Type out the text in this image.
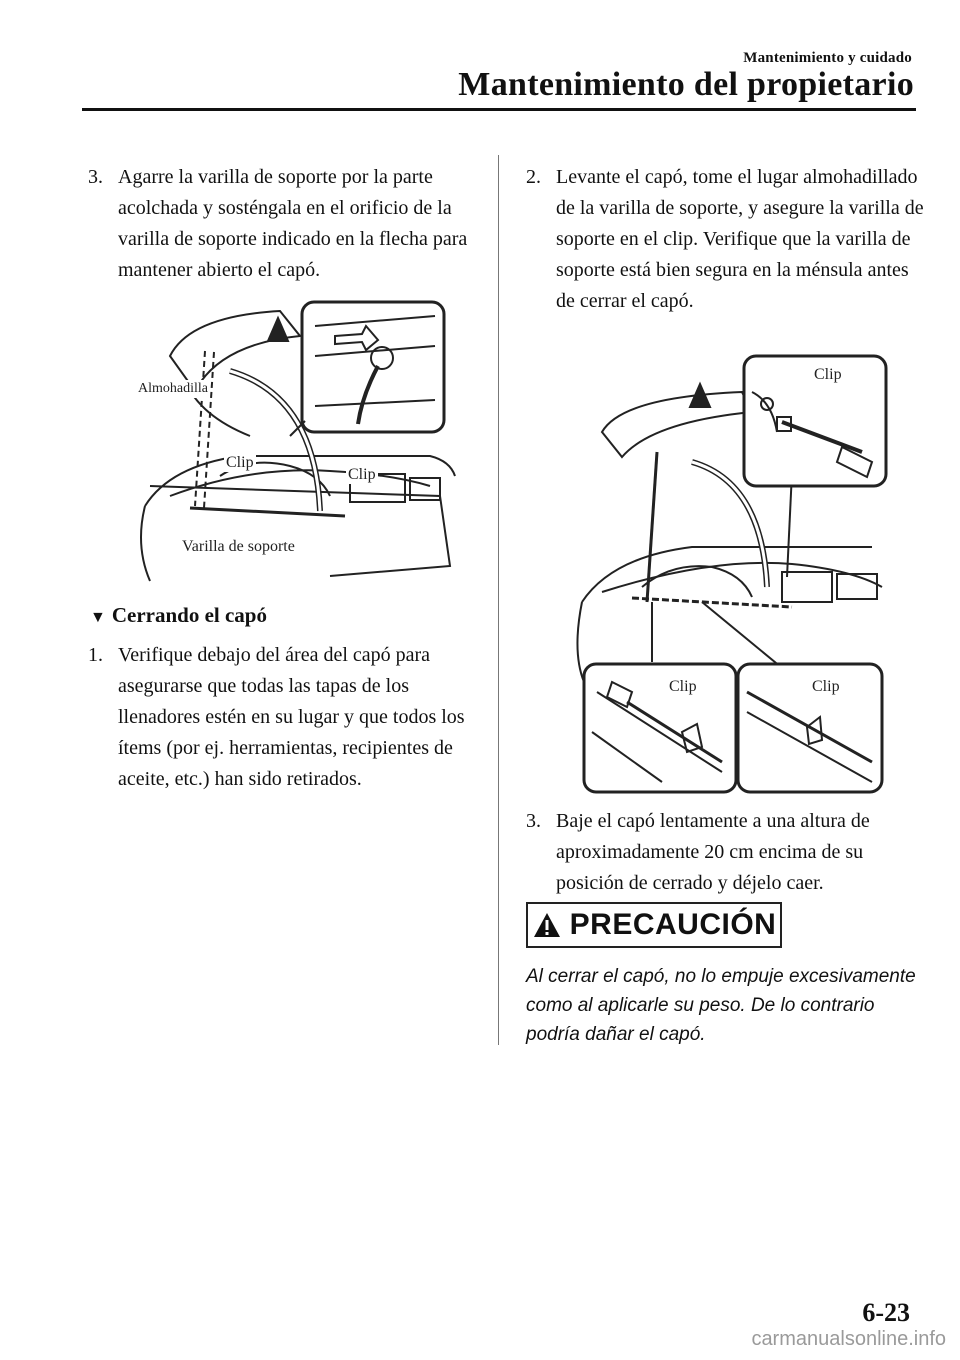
Mantenimiento y cuidado
Mantenimiento del propietario
3. Agarre la varilla de soporte por la parte acolchada y sosténgala en el orificio de la varilla de soporte indicado en la flecha para mantener abierto el capó.
Almohadilla
Clip
Clip
Varilla de soporte
▼ Cerrando el capó
1. Verifique debajo del área del capó para asegurarse que todas las tapas de los llenadores estén en su lugar y que todos los ítems (por ej. herramientas, recipientes de aceite, etc.) han sido retirados.
2. Levante el capó, tome el lugar almohadillado de la varilla de soporte, y asegure la varilla de soporte en el clip. Verifique que la varilla de soporte está bien segura en la ménsula antes de cerrar el capó.
Clip
Clip	Clip
3. Baje el capó lentamente a una altura de aproximadamente 20 cm encima de su posición de cerrado y déjelo caer.
PRECAUCIÓN

Al cerrar el capó, no lo empuje excesivamente como al aplicarle su peso. De lo contrario podría dañar el capó.

6-23
carmanualsonline.info
